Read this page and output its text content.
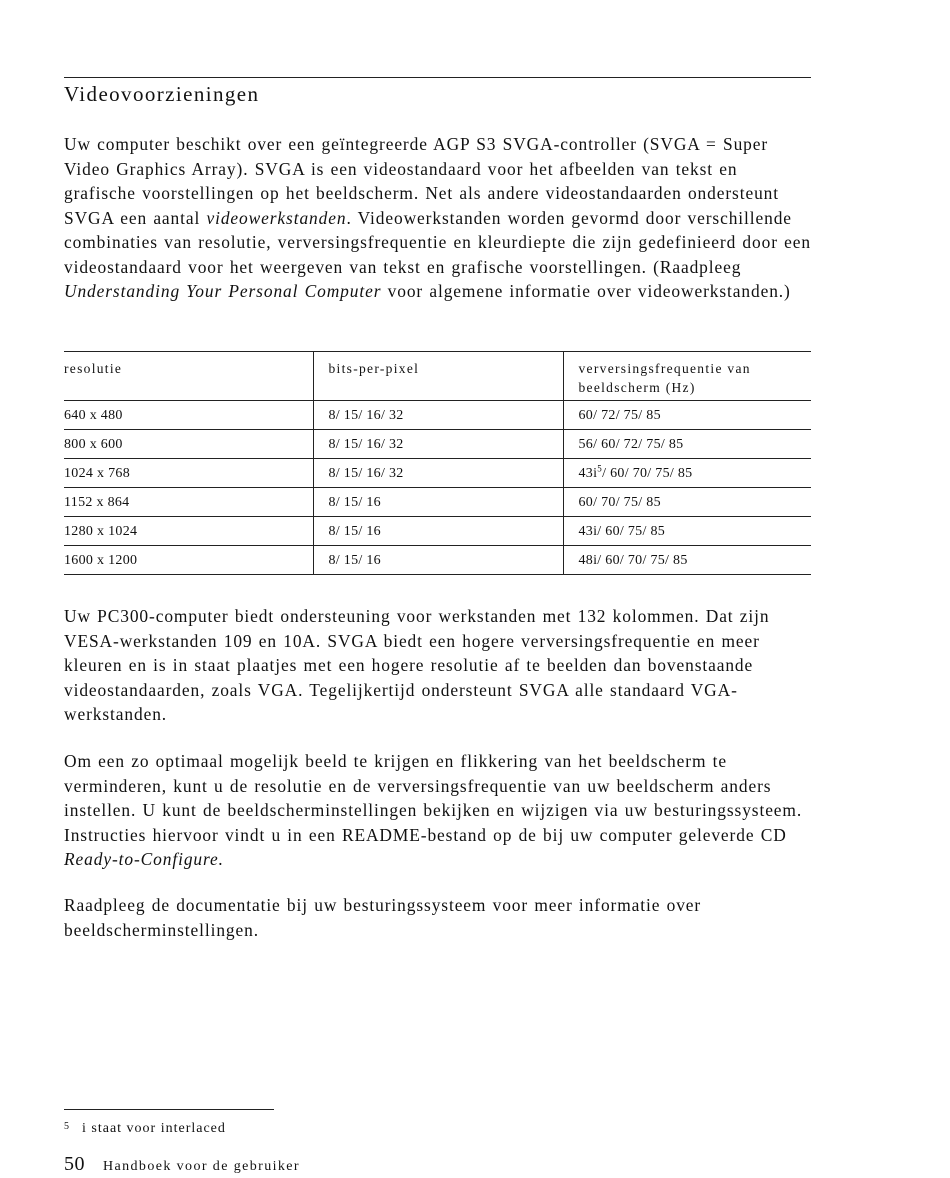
Videovoorzieningen

Uw computer beschikt over een geïntegreerde AGP S3 SVGA-controller (SVGA = Super Video Graphics Array). SVGA is een videostandaard voor het afbeelden van tekst en grafische voorstellingen op het beeldscherm. Net als andere videostandaarden ondersteunt SVGA een aantal videowerkstanden. Videowerkstanden worden gevormd door verschillende combinaties van resolutie, verversingsfrequentie en kleurdiepte die zijn gedefinieerd door een videostandaard voor het weergeven van tekst en grafische voorstellingen. (Raadpleeg Understanding Your Personal Computer voor algemene informatie over videowerkstanden.)

resolutie	bits-per-pixel	verversingsfrequentie van beeldscherm (Hz)
640 x 480	8/ 15/ 16/ 32	60/ 72/ 75/ 85
800 x 600	8/ 15/ 16/ 32	56/ 60/ 72/ 75/ 85
1024 x 768	8/ 15/ 16/ 32	$43i^5/$ 60/ 70/ 75/ 85
1152 x 864	8/ 15/ 16	60/ 70/ 75/ 85
1280 x 1024	8/ 15/ 16	43i/ 60/ 75/ 85
1600 x 1200	8/ 15/ 16	48i/ 60/ 70/ 75/ 85

Uw PC300-computer biedt ondersteuning voor werkstanden met 132 kolommen. Dat zijn VESA-werkstanden 109 en 10A. SVGA biedt een hogere verversingsfrequentie en meer kleuren en is in staat plaatjes met een hogere resolutie af te beelden dan bovenstaande videostandaarden, zoals VGA. Tegelijkertijd ondersteunt SVGA alle standaard VGA-werkstanden.

Om een zo optimaal mogelijk beeld te krijgen en flikkering van het beeldscherm te verminderen, kunt u de resolutie en de verversingsfrequentie van uw beeldscherm anders instellen. U kunt de beeldscherminstellingen bekijken en wijzigen via uw besturingssysteem. Instructies hiervoor vindt u in een README-bestand op de bij uw computer geleverde CD Ready-to-Configure.

Raadpleeg de documentatie bij uw besturingssysteem voor meer informatie over beeldscherminstellingen.

$^5$ i staat voor interlaced
50 Handboek voor de gebruiker
